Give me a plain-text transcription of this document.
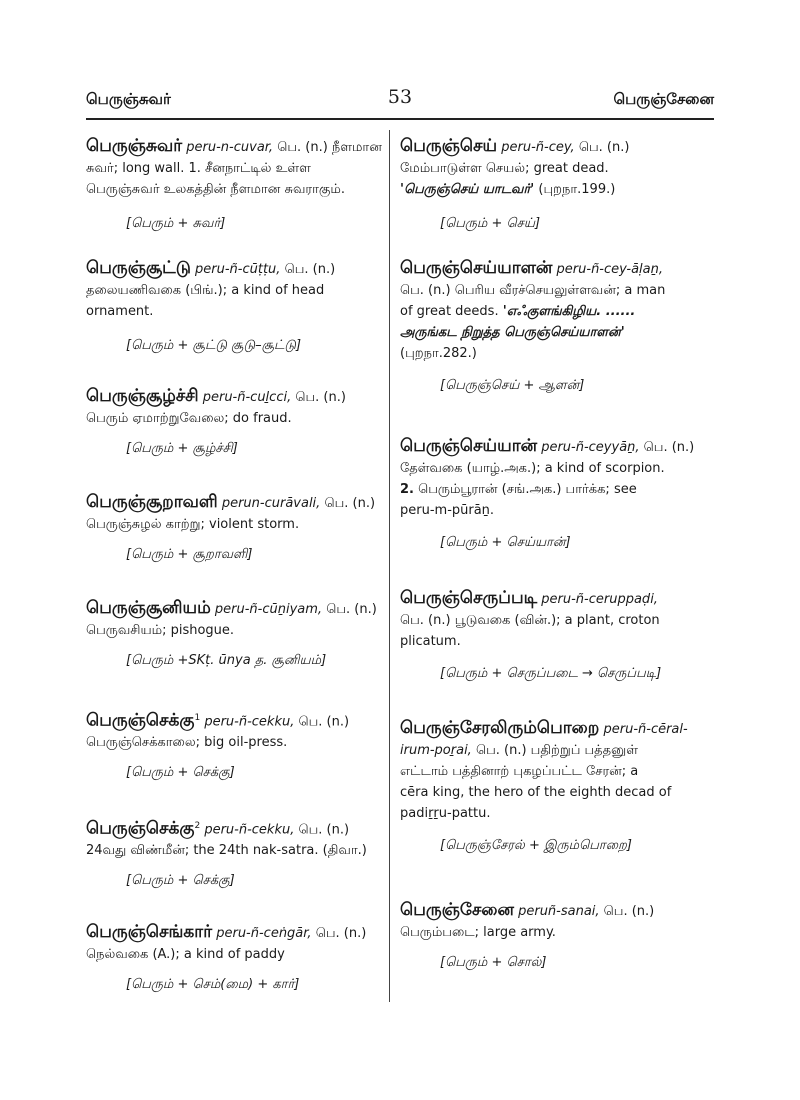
பெருஞ்சுவர்	53	பெருஞ்சேனை
பெருஞ்சுவர் peru-n-cuvar, பெ. (n.) நீளமான
சுவர்; long wall. 1. சீனநாட்டில் உள்ள
பெருஞ்சுவர் உலகத்தின் நீளமான சுவராகும்.
[பெரும் + சுவர்]
பெருஞ்சூட்டு peru-ñ-cūṭṭu, பெ. (n.)
தலையணிவகை (பிங்.); a kind of head
ornament.
[பெரும் + சூட்டு சூடு–சூட்டு]
பெருஞ்சூழ்ச்சி peru-ñ-cuḻcci, பெ. (n.)
பெரும் ஏமாற்றுவேலை; do fraud.
[பெரும் + சூழ்ச்சி]
பெருஞ்சூறாவளி perun-curāvali, பெ. (n.)
பெருஞ்சுழல் காற்று; violent storm.
[பெரும் + சூறாவளி]
பெருஞ்சூனியம் peru-ñ-cūṉiyam, பெ. (n.)
பெருவசியம்; pishogue.
[பெரும் +SKṭ. ūnya த. சூனியம்]
பெருஞ்செக்கு$^1$ peru-ñ-cekku, பெ. (n.)
பெருஞ்செக்காலை; big oil-press.
[பெரும் + செக்கு]
பெருஞ்செக்கு$^2$ peru-ñ-cekku, பெ. (n.)
24வது விண்மீன்; the 24th nak-satra. (திவா.)
[பெரும் + செக்கு]
பெருஞ்செங்கார் peru-ñ-ceṅgār, பெ. (n.)
நெல்வகை (A.); a kind of paddy
[பெரும் + செம்(மை) + கார்]
பெருஞ்செய் peru-ñ-cey, பெ. (n.)
மேம்பாடுள்ள செயல்; great dead.
'பெருஞ்செய் யாடவர்' (புறநா.199.)
[பெரும் + செய்]
பெருஞ்செய்யாளன் peru-ñ-cey-āḷaṉ,
பெ. (n.) பெரிய வீரச்செயலுள்ளவன்; a man
of great deeds. 'எஃகுளங்கிழிய. ......
அருங்கட நிறுத்த பெருஞ்செய்யாளன்'
(புறநா.282.)
[பெருஞ்செய் + ஆளன்]
பெருஞ்செய்யான் peru-ñ-ceyyāṉ, பெ. (n.)
தேள்வகை (யாழ்.அக.); a kind of scorpion.
2. பெரும்பூரான் (சங்.அக.) பார்க்க; see
peru-m-pūrāṉ.
[பெரும் + செய்யான்]
பெருஞ்செருப்படி peru-ñ-ceruppaḍi,
பெ. (n.) பூடுவகை (வின்.); a plant, croton
plicatum.
[பெரும் + செருப்படை → செருப்படி]
பெருஞ்சேரலிரும்பொறை peru-ñ-cēral-
irum-poṟai, பெ. (n.) பதிற்றுப் பத்தனுள்
எட்டாம் பத்தினாற் புகழப்பட்ட சேரன்; a
cēra king, the hero of the eighth decad of
padiṟṟu-pattu.
[பெருஞ்சேரல் + இரும்பொறை]
பெருஞ்சேனை peruñ-sanai, பெ. (n.)
பெரும்படை; large army.
[பெரும் + சொல்]
